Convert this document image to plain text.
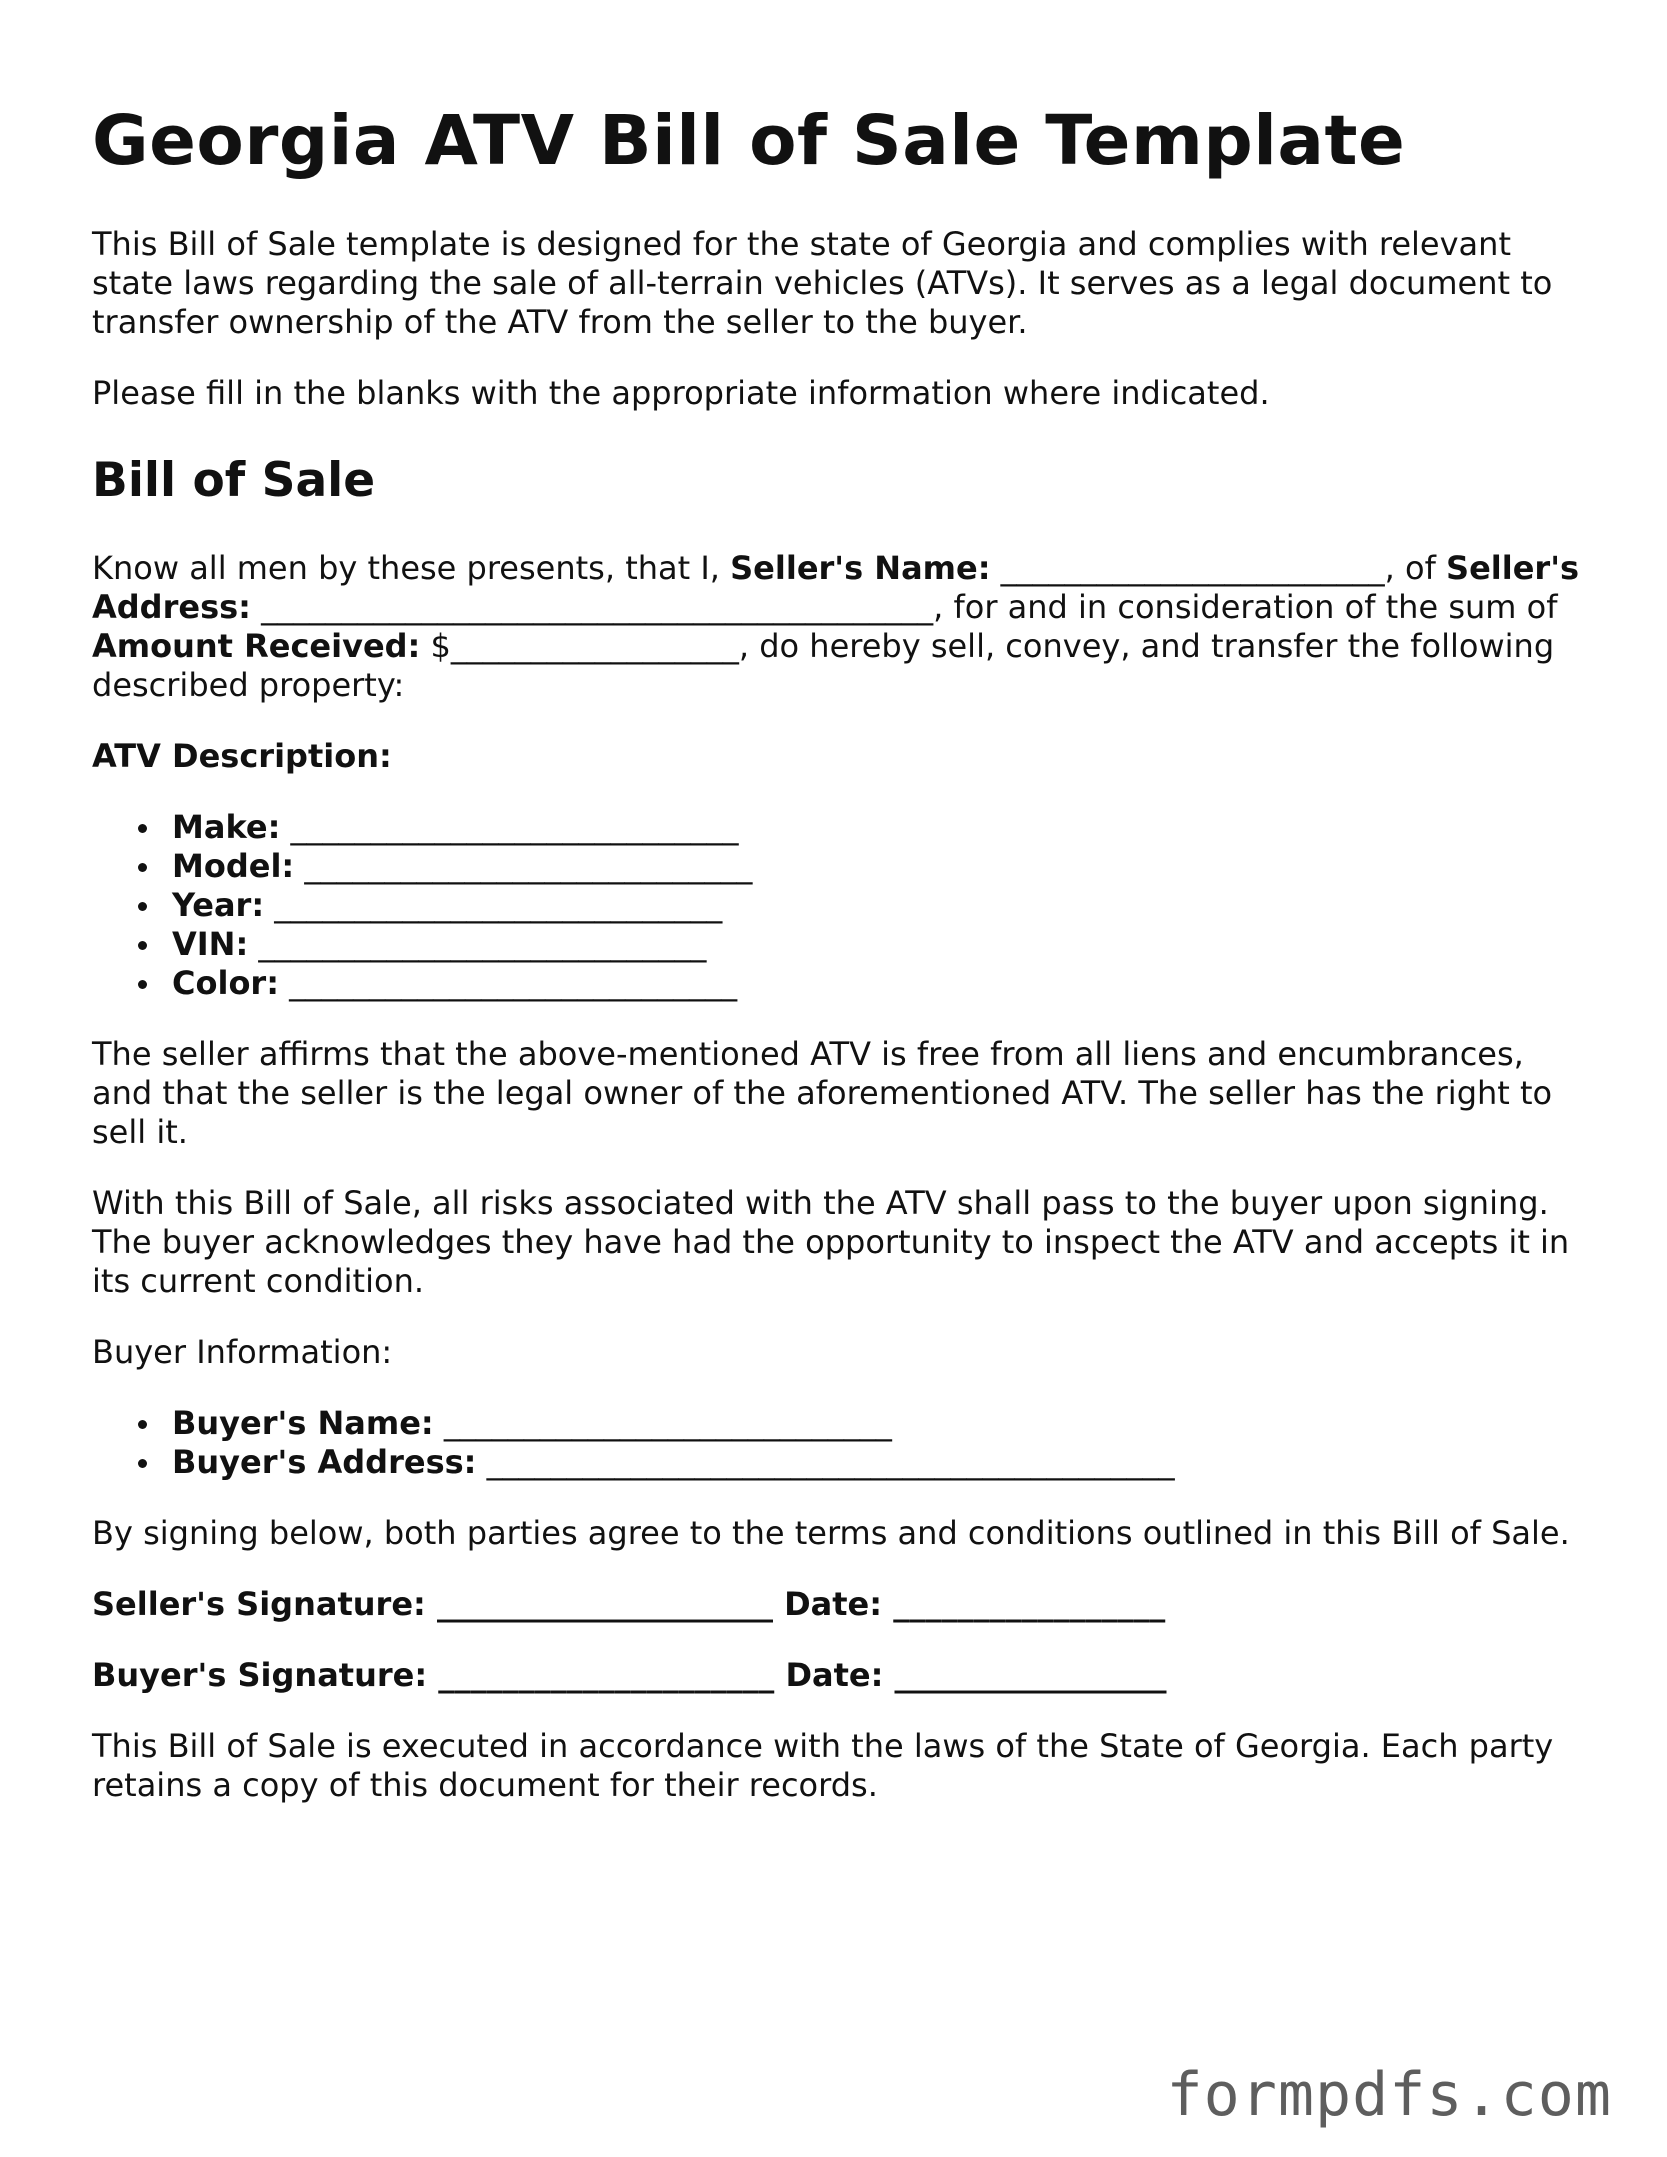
Georgia ATV Bill of Sale Template

This Bill of Sale template is designed for the state of Georgia and complies with relevant state laws regarding the sale of all-terrain vehicles (ATVs). It serves as a legal document to transfer ownership of the ATV from the seller to the buyer.

Please fill in the blanks with the appropriate information where indicated.

Bill of Sale

Know all men by these presents, that I, Seller's Name: ________________________, of Seller's Address: __________________________________________, for and in consideration of the sum of Amount Received: $__________________, do hereby sell, convey, and transfer the following described property:

ATV Description:

Make: ____________________________
Model: ____________________________
Year: ____________________________
VIN: ____________________________
Color: ____________________________

The seller affirms that the above-mentioned ATV is free from all liens and encumbrances, and that the seller is the legal owner of the aforementioned ATV. The seller has the right to sell it.

With this Bill of Sale, all risks associated with the ATV shall pass to the buyer upon signing. The buyer acknowledges they have had the opportunity to inspect the ATV and accepts it in its current condition.

Buyer Information:

Buyer's Name: ____________________________
Buyer's Address: ___________________________________________

By signing below, both parties agree to the terms and conditions outlined in this Bill of Sale.

Seller's Signature: _____________________ Date: _________________
Buyer's Signature: _____________________ Date: _________________

This Bill of Sale is executed in accordance with the laws of the State of Georgia. Each party retains a copy of this document for their records.

formpdfs.com
